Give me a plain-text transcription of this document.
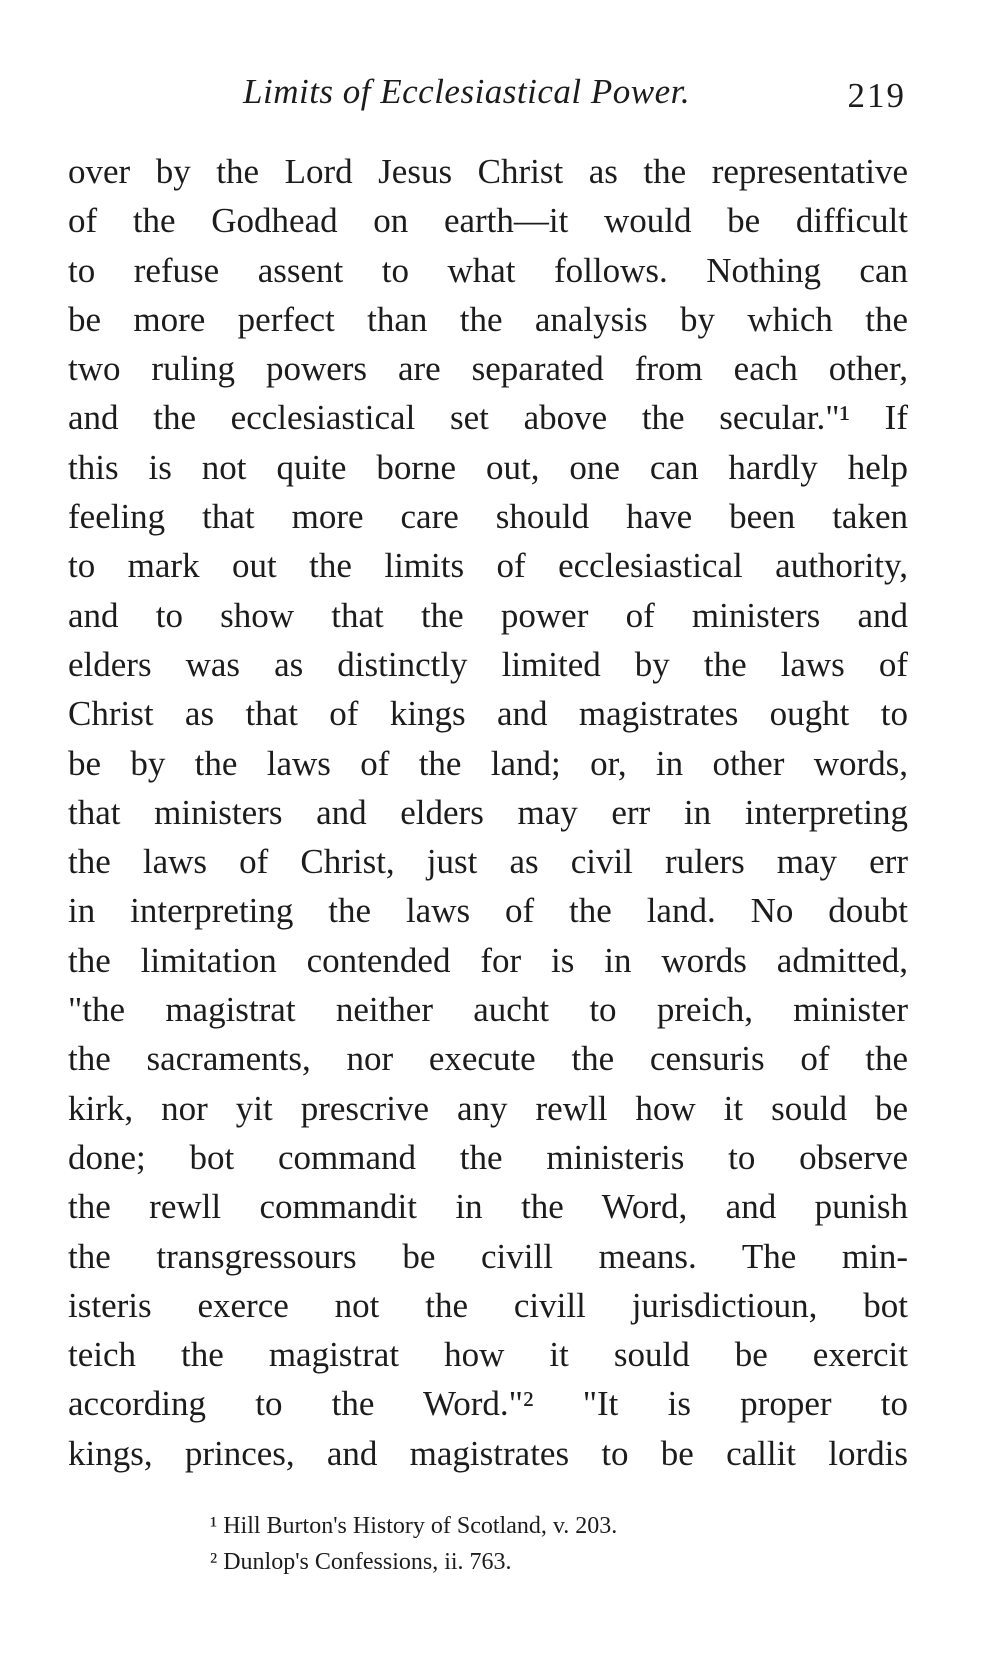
Limits of Ecclesiastical Power.	219
over by the Lord Jesus Christ as the representative
of the Godhead on earth—it would be difficult
to refuse assent to what follows. Nothing can
be more perfect than the analysis by which the
two ruling powers are separated from each other,
and the ecclesiastical set above the secular."¹ If
this is not quite borne out, one can hardly help
feeling that more care should have been taken
to mark out the limits of ecclesiastical authority,
and to show that the power of ministers and
elders was as distinctly limited by the laws of
Christ as that of kings and magistrates ought to
be by the laws of the land; or, in other words,
that ministers and elders may err in interpreting
the laws of Christ, just as civil rulers may err
in interpreting the laws of the land. No doubt
the limitation contended for is in words admitted,
"the magistrat neither aucht to preich, minister
the sacraments, nor execute the censuris of the
kirk, nor yit prescrive any rewll how it sould be
done; bot command the ministeris to observe
the rewll commandit in the Word, and punish
the transgressours be civill means. The min-
isteris exerce not the civill jurisdictioun, bot
teich the magistrat how it sould be exercit
according to the Word."² "It is proper to
kings, princes, and magistrates to be callit lordis
¹ Hill Burton's History of Scotland, v. 203.
² Dunlop's Confessions, ii. 763.
